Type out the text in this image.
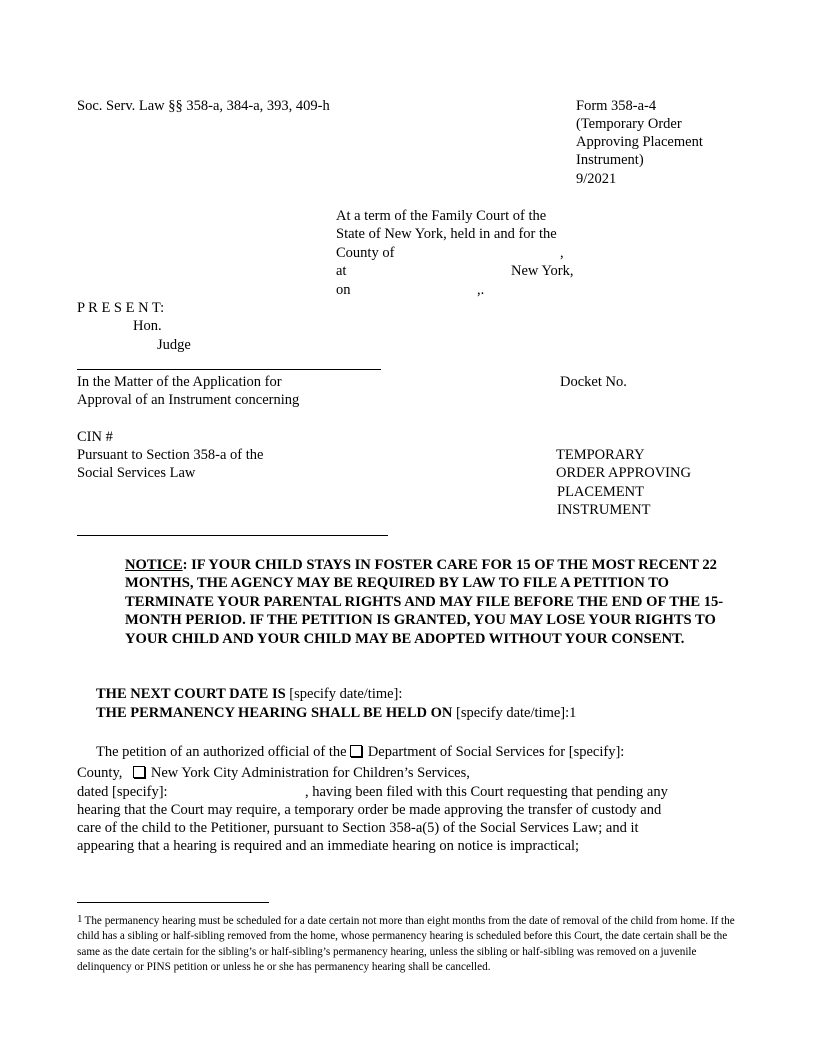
Soc. Serv. Law §§ 358-a, 384-a, 393, 409-h	Form 358-a-4
(Temporary Order
Approving Placement
Instrument)
9/2021
At a term of the Family Court of the
State of New York, held in and for the
County of	,
at	New York,
on	,.
P R E S E N T:
Hon.
Judge
In the Matter of the Application for
Approval of an Instrument concerning
Docket No.
CIN #
Pursuant to Section 358-a of the
Social Services Law
TEMPORARY
ORDER APPROVING
PLACEMENT
INSTRUMENT
NOTICE: IF YOUR CHILD STAYS IN FOSTER CARE FOR 15 OF THE MOST RECENT 22 MONTHS, THE AGENCY MAY BE REQUIRED BY LAW TO FILE A PETITION TO TERMINATE YOUR PARENTAL RIGHTS AND MAY FILE BEFORE THE END OF THE 15-MONTH PERIOD. IF THE PETITION IS GRANTED, YOU MAY LOSE YOUR RIGHTS TO YOUR CHILD AND YOUR CHILD MAY BE ADOPTED WITHOUT YOUR CONSENT.
THE NEXT COURT DATE IS [specify date/time]:
THE PERMANENCY HEARING SHALL BE HELD ON [specify date/time]:1
The petition of an authorized official of the Department of Social Services for [specify]:
County, New York City Administration for Children’s Services,
dated [specify]:	, having been filed with this Court requesting that pending any
hearing that the Court may require, a temporary order be made approving the transfer of custody and
care of the child to the Petitioner, pursuant to Section 358-a(5) of the Social Services Law; and it
appearing that a hearing is required and an immediate hearing on notice is impractical;
$^1$ The permanency hearing must be scheduled for a date certain not more than eight months from the date of removal of the child from home. If the child has a sibling or half-sibling removed from the home, whose permanency hearing is scheduled before this Court, the date certain shall be the same as the date certain for the sibling’s or half-sibling’s permanency hearing, unless the sibling or half-sibling was removed on a juvenile delinquency or PINS petition or unless he or she has permanency hearing shall be cancelled.
